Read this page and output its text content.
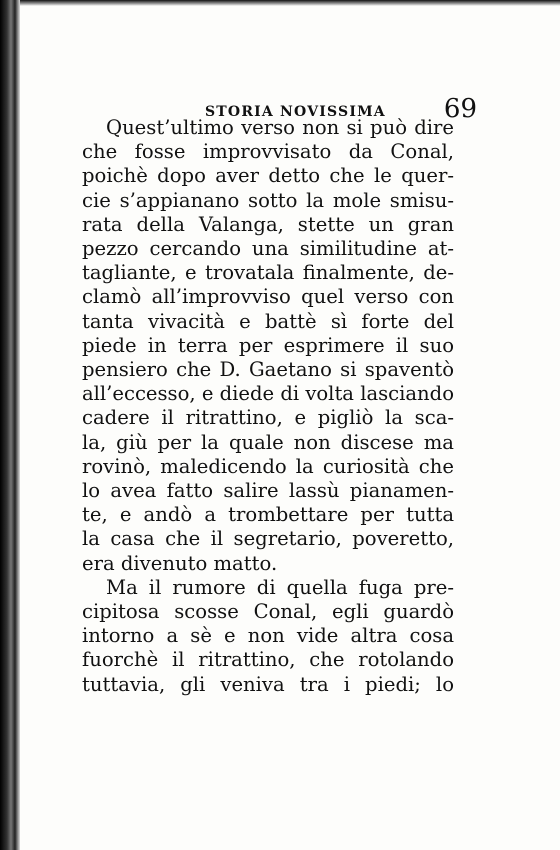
STORIA NOVISSIMA 69
Quest’ultimo verso non si può dire
che fosse improvvisato da Conal,
poichè dopo aver detto che le quer-
cie s’appianano sotto la mole smisu-
rata della Valanga, stette un gran
pezzo cercando una similitudine at-
tagliante, e trovatala finalmente, de-
clamò all’improvviso quel verso con
tanta vivacità e battè sì forte del
piede in terra per esprimere il suo
pensiero che D. Gaetano si spaventò
all’eccesso, e diede di volta lasciando
cadere il ritrattino, e pigliò la sca-
la, giù per la quale non discese ma
rovinò, maledicendo la curiosità che
lo avea fatto salire lassù pianamen-
te, e andò a trombettare per tutta
la casa che il segretario, poveretto,
era divenuto matto.
Ma il rumore di quella fuga pre-
cipitosa scosse Conal, egli guardò
intorno a sè e non vide altra cosa
fuorchè il ritrattino, che rotolando
tuttavia, gli veniva tra i piedi; lo
